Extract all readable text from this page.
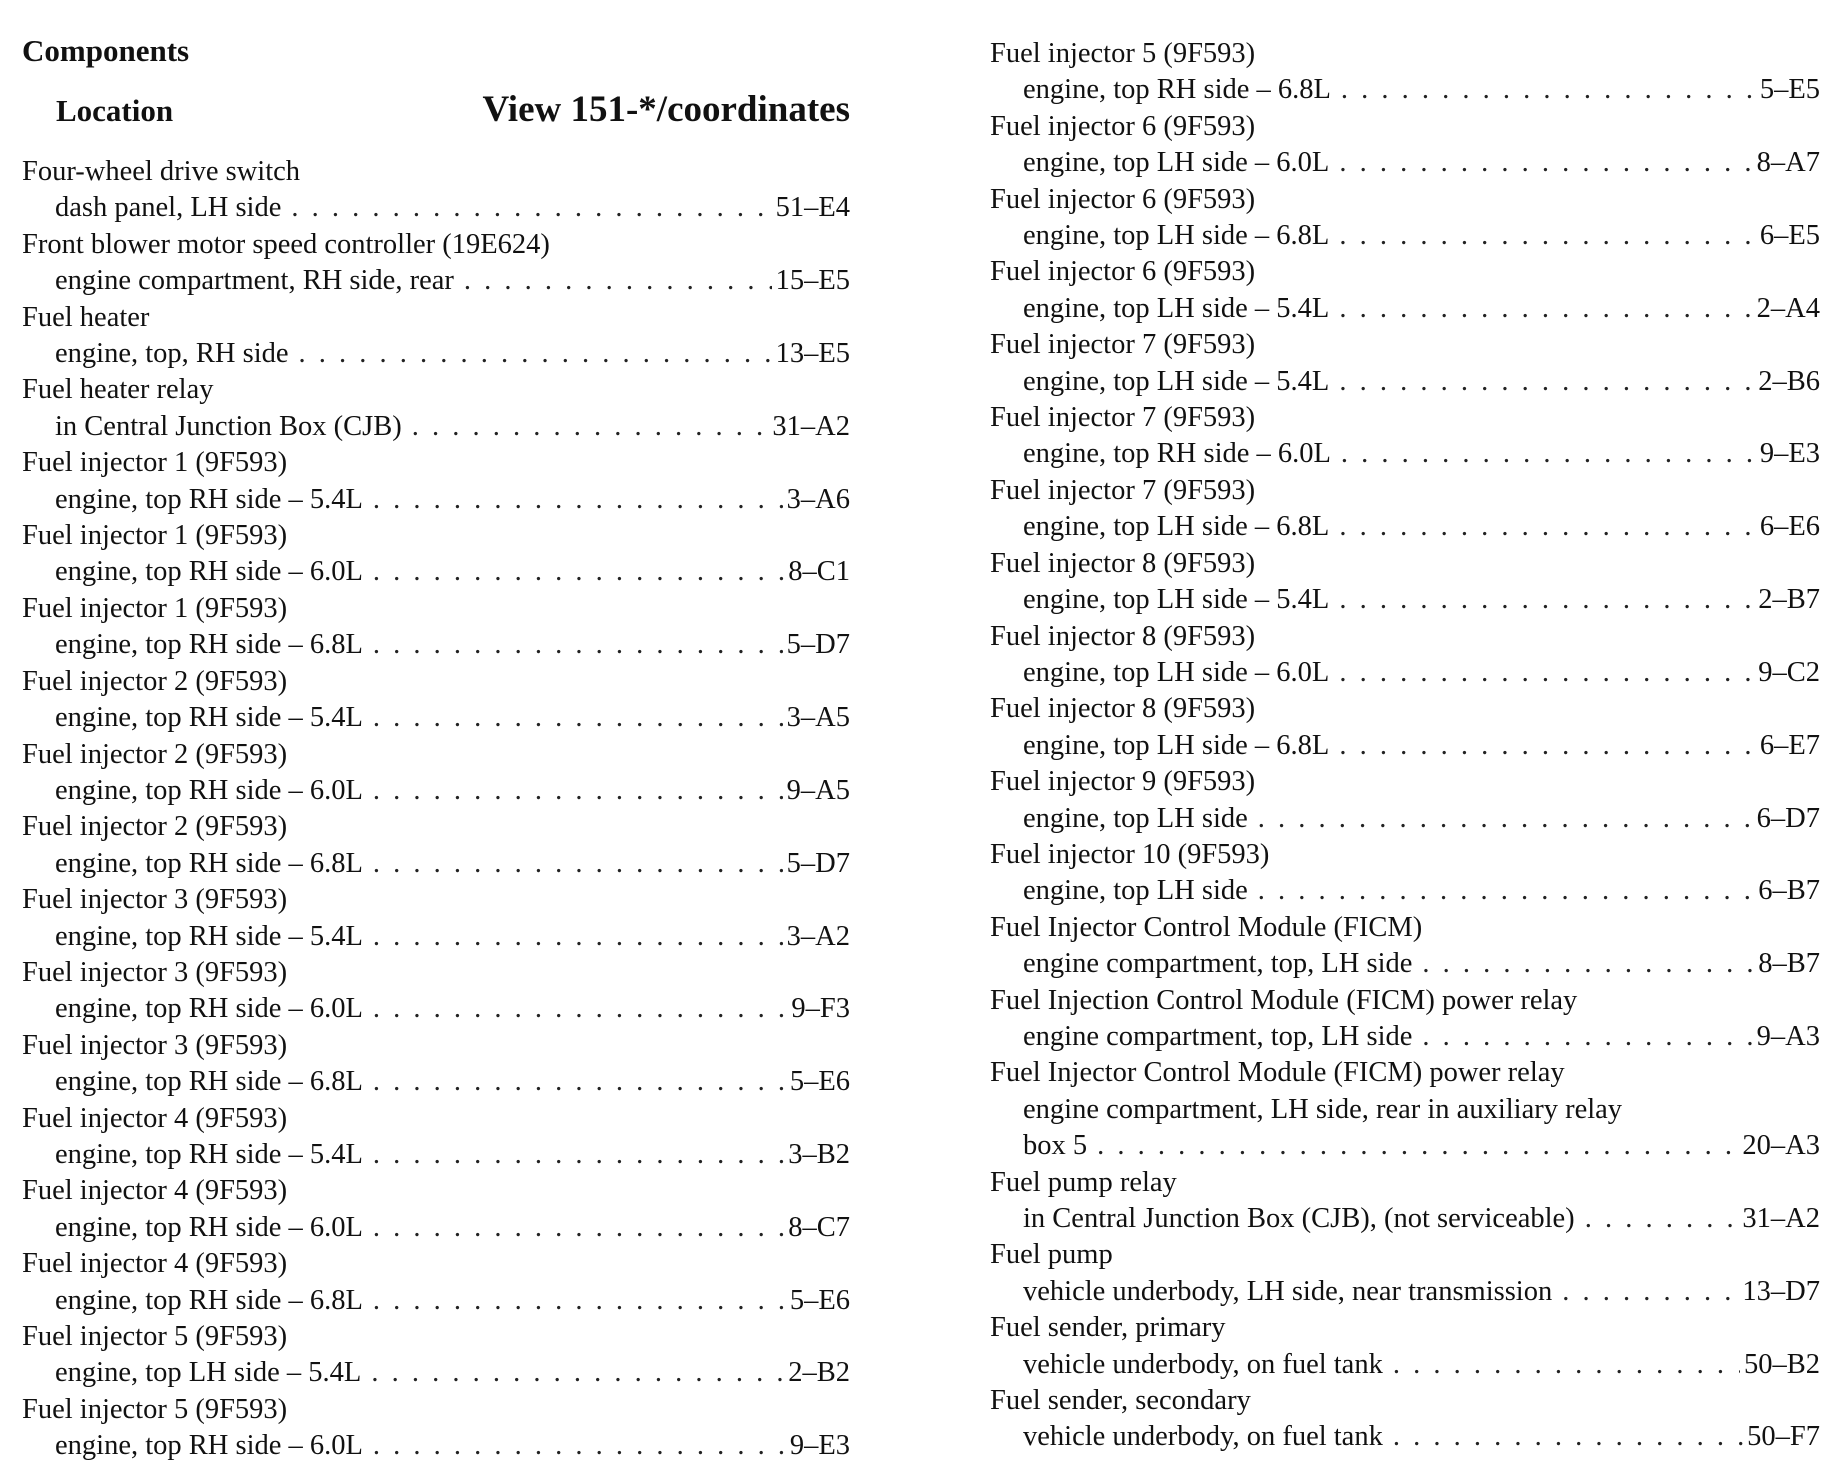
Components
Location	View 151-*/coordinates
Four-wheel drive switch
dash panel, LH side . . .	51–E4
Front blower motor speed controller (19E624)
engine compartment, RH side, rear . . .	15–E5
Fuel heater
engine, top, RH side . . .	13–E5
Fuel heater relay
in Central Junction Box (CJB) . . .	31–A2
Fuel injector 1 (9F593)
engine, top RH side – 5.4L . . .	3–A6
Fuel injector 1 (9F593)
engine, top RH side – 6.0L . . .	8–C1
Fuel injector 1 (9F593)
engine, top RH side – 6.8L . . .	5–D7
Fuel injector 2 (9F593)
engine, top RH side – 5.4L . . .	3–A5
Fuel injector 2 (9F593)
engine, top RH side – 6.0L . . .	9–A5
Fuel injector 2 (9F593)
engine, top RH side – 6.8L . . .	5–D7
Fuel injector 3 (9F593)
engine, top RH side – 5.4L . . .	3–A2
Fuel injector 3 (9F593)
engine, top RH side – 6.0L . . .	9–F3
Fuel injector 3 (9F593)
engine, top RH side – 6.8L . . .	5–E6
Fuel injector 4 (9F593)
engine, top RH side – 5.4L . . .	3–B2
Fuel injector 4 (9F593)
engine, top RH side – 6.0L . . .	8–C7
Fuel injector 4 (9F593)
engine, top RH side – 6.8L . . .	5–E6
Fuel injector 5 (9F593)
engine, top LH side – 5.4L . . .	2–B2
Fuel injector 5 (9F593)
engine, top RH side – 6.0L . . .	9–E3
Fuel injector 5 (9F593)
engine, top RH side – 6.8L . . .	5–E5
Fuel injector 6 (9F593)
engine, top LH side – 6.0L . . .	8–A7
Fuel injector 6 (9F593)
engine, top LH side – 6.8L . . .	6–E5
Fuel injector 6 (9F593)
engine, top LH side – 5.4L . . .	2–A4
Fuel injector 7 (9F593)
engine, top LH side – 5.4L . . .	2–B6
Fuel injector 7 (9F593)
engine, top RH side – 6.0L . . .	9–E3
Fuel injector 7 (9F593)
engine, top LH side – 6.8L . . .	6–E6
Fuel injector 8 (9F593)
engine, top LH side – 5.4L . . .	2–B7
Fuel injector 8 (9F593)
engine, top LH side – 6.0L . . .	9–C2
Fuel injector 8 (9F593)
engine, top LH side – 6.8L . . .	6–E7
Fuel injector 9 (9F593)
engine, top LH side . . .	6–D7
Fuel injector 10 (9F593)
engine, top LH side . . .	6–B7
Fuel Injector Control Module (FICM)
engine compartment, top, LH side . . .	8–B7
Fuel Injection Control Module (FICM) power relay
engine compartment, top, LH side . . .	9–A3
Fuel Injector Control Module (FICM) power relay
engine compartment, LH side, rear in auxiliary relay
box 5 . . .	20–A3
Fuel pump relay
in Central Junction Box (CJB), (not serviceable) . . .	31–A2
Fuel pump
vehicle underbody, LH side, near transmission . . .	13–D7
Fuel sender, primary
vehicle underbody, on fuel tank . . .	50–B2
Fuel sender, secondary
vehicle underbody, on fuel tank . . .	50–F7
